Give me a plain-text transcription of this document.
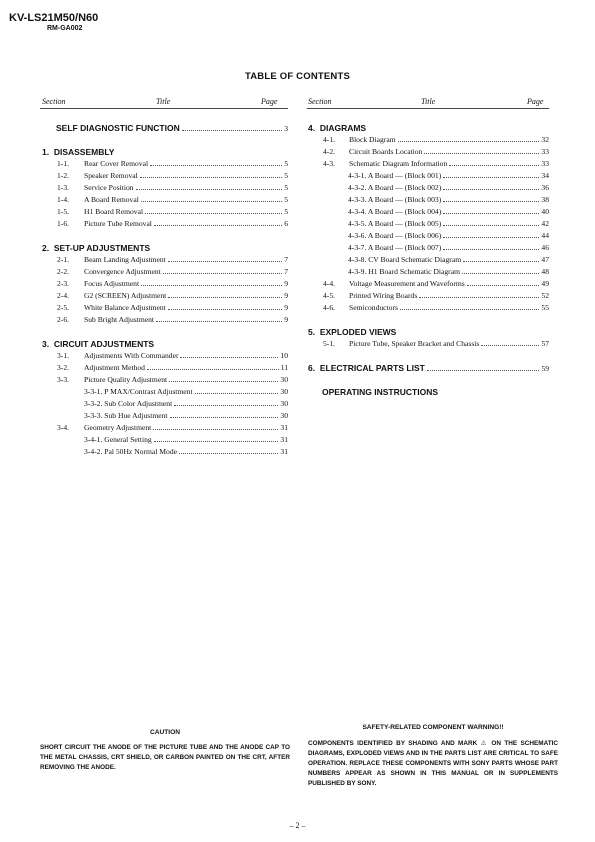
KV-LS21M50/N60
RM-GA002
TABLE OF CONTENTS
Section	Title	Page	Section	Title	Page
SELF DIAGNOSTIC FUNCTION	3
1. DISASSEMBLY
1-1. Rear Cover Removal	5
1-2. Speaker Removal	5
1-3. Service Position	5
1-4. A Board Removal	5
1-5. H1 Board Removal	5
1-6. Picture Tube Removal	6
2. SET-UP ADJUSTMENTS
2-1. Beam Landing Adjustment	7
2-2. Convergence Adjustment	7
2-3. Focus Adjustment	9
2-4. G2 (SCREEN) Adjustment	9
2-5. White Balance Adjustment	9
2-6. Sub Bright Adjustment	9
3. CIRCUIT ADJUSTMENTS
3-1. Adjustments With Commander	10
3-2. Adjustment Method	11
3-3. Picture Quality Adjustment	30
3-3-1. P MAX/Contrast Adjustment	30
3-3-2. Sub Color Adjustment	30
3-3-3. Sub Hue Adjustment	30
3-4. Geometry Adjustment	31
3-4-1. General Setting	31
3-4-2. Pal 50Hz Normal Mode	31
4. DIAGRAMS
4-1. Block Diagram	32
4-2. Circuit Boards Location	33
4-3. Schematic Diagram Information	33
4-3-1. A Board — (Block 001)	34
4-3-2. A Board — (Block 002)	36
4-3-3. A Board — (Block 003)	38
4-3-4. A Board — (Block 004)	40
4-3-5. A Board — (Block 005)	42
4-3-6. A Board — (Block 006)	44
4-3-7. A Board — (Block 007)	46
4-3-8. CV Board Schematic Diagram	47
4-3-9. H1 Board Schematic Diagram	48
4-4. Voltage Measurement and Waveforms	49
4-5. Printed Wiring Boards	52
4-6. Semiconductors	55
5. EXPLODED VIEWS
5-1. Picture Tube, Speaker Bracket and Chassis	57
6. ELECTRICAL PARTS LIST	59
OPERATING INSTRUCTIONS
CAUTION
SHORT CIRCUIT THE ANODE OF THE PICTURE TUBE AND THE ANODE CAP TO THE METAL CHASSIS, CRT SHIELD, OR CARBON PAINTED ON THE CRT, AFTER REMOVING THE ANODE.
SAFETY-RELATED COMPONENT WARNING!!
COMPONENTS IDENTIFIED BY SHADING AND MARK ⚠ ON THE SCHEMATIC DIAGRAMS, EXPLODED VIEWS AND IN THE PARTS LIST ARE CRITICAL TO SAFE OPERATION. REPLACE THESE COMPONENTS WITH SONY PARTS WHOSE PART NUMBERS APPEAR AS SHOWN IN THIS MANUAL OR IN SUPPLEMENTS PUBLISHED BY SONY.
– 2 –
